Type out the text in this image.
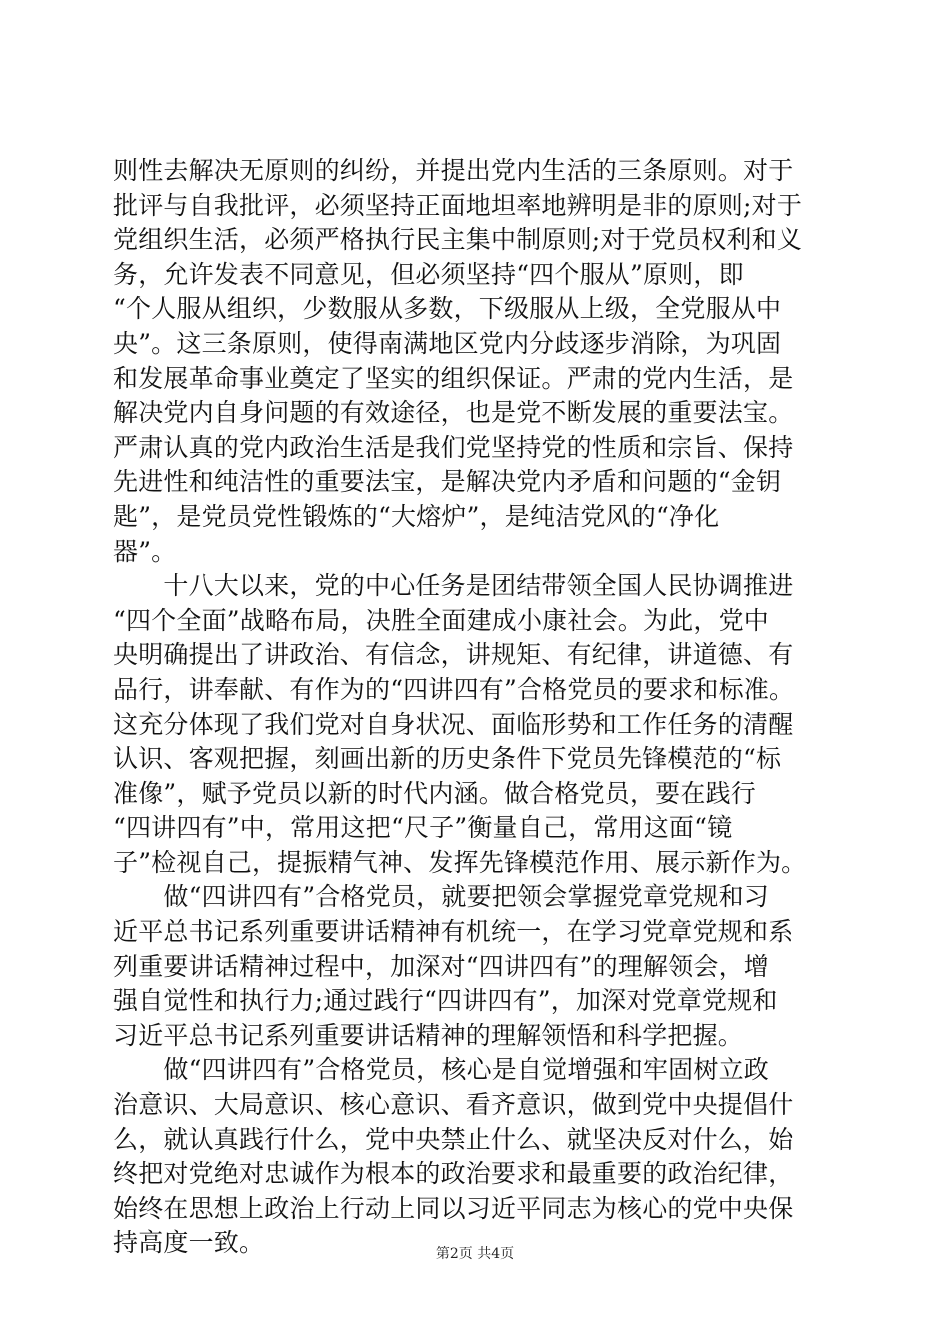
则性去解决无原则的纠纷，并提出党内生活的三条原则。对于
批评与自我批评，必须坚持正面地坦率地辨明是非的原则;对于
党组织生活，必须严格执行民主集中制原则;对于党员权利和义
务，允许发表不同意见，但必须坚持“四个服从”原则，即
“个人服从组织，少数服从多数，下级服从上级，全党服从中
央”。这三条原则，使得南满地区党内分歧逐步消除，为巩固
和发展革命事业奠定了坚实的组织保证。严肃的党内生活，是
解决党内自身问题的有效途径，也是党不断发展的重要法宝。
严肃认真的党内政治生活是我们党坚持党的性质和宗旨、保持
先进性和纯洁性的重要法宝，是解决党内矛盾和问题的“金钥
匙”，是党员党性锻炼的“大熔炉”，是纯洁党风的“净化
器”。
　　十八大以来，党的中心任务是团结带领全国人民协调推进
“四个全面”战略布局，决胜全面建成小康社会。为此，党中
央明确提出了讲政治、有信念，讲规矩、有纪律，讲道德、有
品行，讲奉献、有作为的“四讲四有”合格党员的要求和标准。
这充分体现了我们党对自身状况、面临形势和工作任务的清醒
认识、客观把握，刻画出新的历史条件下党员先锋模范的“标
准像”，赋予党员以新的时代内涵。做合格党员，要在践行
“四讲四有”中，常用这把“尺子”衡量自己，常用这面“镜
子”检视自己，提振精气神、发挥先锋模范作用、展示新作为。
　　做“四讲四有”合格党员，就要把领会掌握党章党规和习
近平总书记系列重要讲话精神有机统一，在学习党章党规和系
列重要讲话精神过程中，加深对“四讲四有”的理解领会，增
强自觉性和执行力;通过践行“四讲四有”，加深对党章党规和
习近平总书记系列重要讲话精神的理解领悟和科学把握。
　　做“四讲四有”合格党员，核心是自觉增强和牢固树立政
治意识、大局意识、核心意识、看齐意识，做到党中央提倡什
么，就认真践行什么，党中央禁止什么、就坚决反对什么，始
终把对党绝对忠诚作为根本的政治要求和最重要的政治纪律，
始终在思想上政治上行动上同以习近平同志为核心的党中央保
持高度一致。	第2页 共4页
